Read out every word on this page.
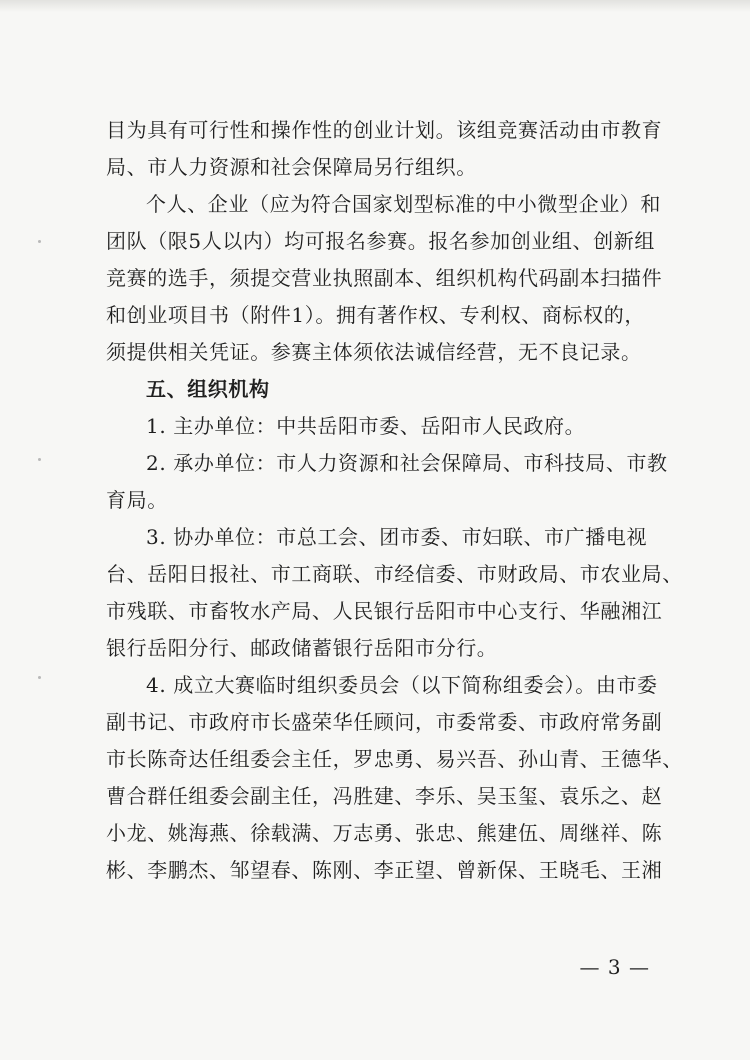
目为具有可行性和操作性的创业计划。该组竞赛活动由市教育
局、市人力资源和社会保障局另行组织。
个人、企业（应为符合国家划型标准的中小微型企业）和
团队（限5人以内）均可报名参赛。报名参加创业组、创新组
竞赛的选手，须提交营业执照副本、组织机构代码副本扫描件
和创业项目书（附件1）。拥有著作权、专利权、商标权的，
须提供相关凭证。参赛主体须依法诚信经营，无不良记录。
五、组织机构
1. 主办单位：中共岳阳市委、岳阳市人民政府。
2. 承办单位：市人力资源和社会保障局、市科技局、市教
育局。
3. 协办单位：市总工会、团市委、市妇联、市广播电视
台、岳阳日报社、市工商联、市经信委、市财政局、市农业局、
市残联、市畜牧水产局、人民银行岳阳市中心支行、华融湘江
银行岳阳分行、邮政储蓄银行岳阳市分行。
4. 成立大赛临时组织委员会（以下简称组委会）。由市委
副书记、市政府市长盛荣华任顾问，市委常委、市政府常务副
市长陈奇达任组委会主任，罗忠勇、易兴吾、孙山青、王德华、
曹合群任组委会副主任，冯胜建、李乐、吴玉玺、袁乐之、赵
小龙、姚海燕、徐载满、万志勇、张忠、熊建伍、周继祥、陈
彬、李鹏杰、邹望春、陈刚、李正望、曾新保、王晓毛、王湘
— 3 —
